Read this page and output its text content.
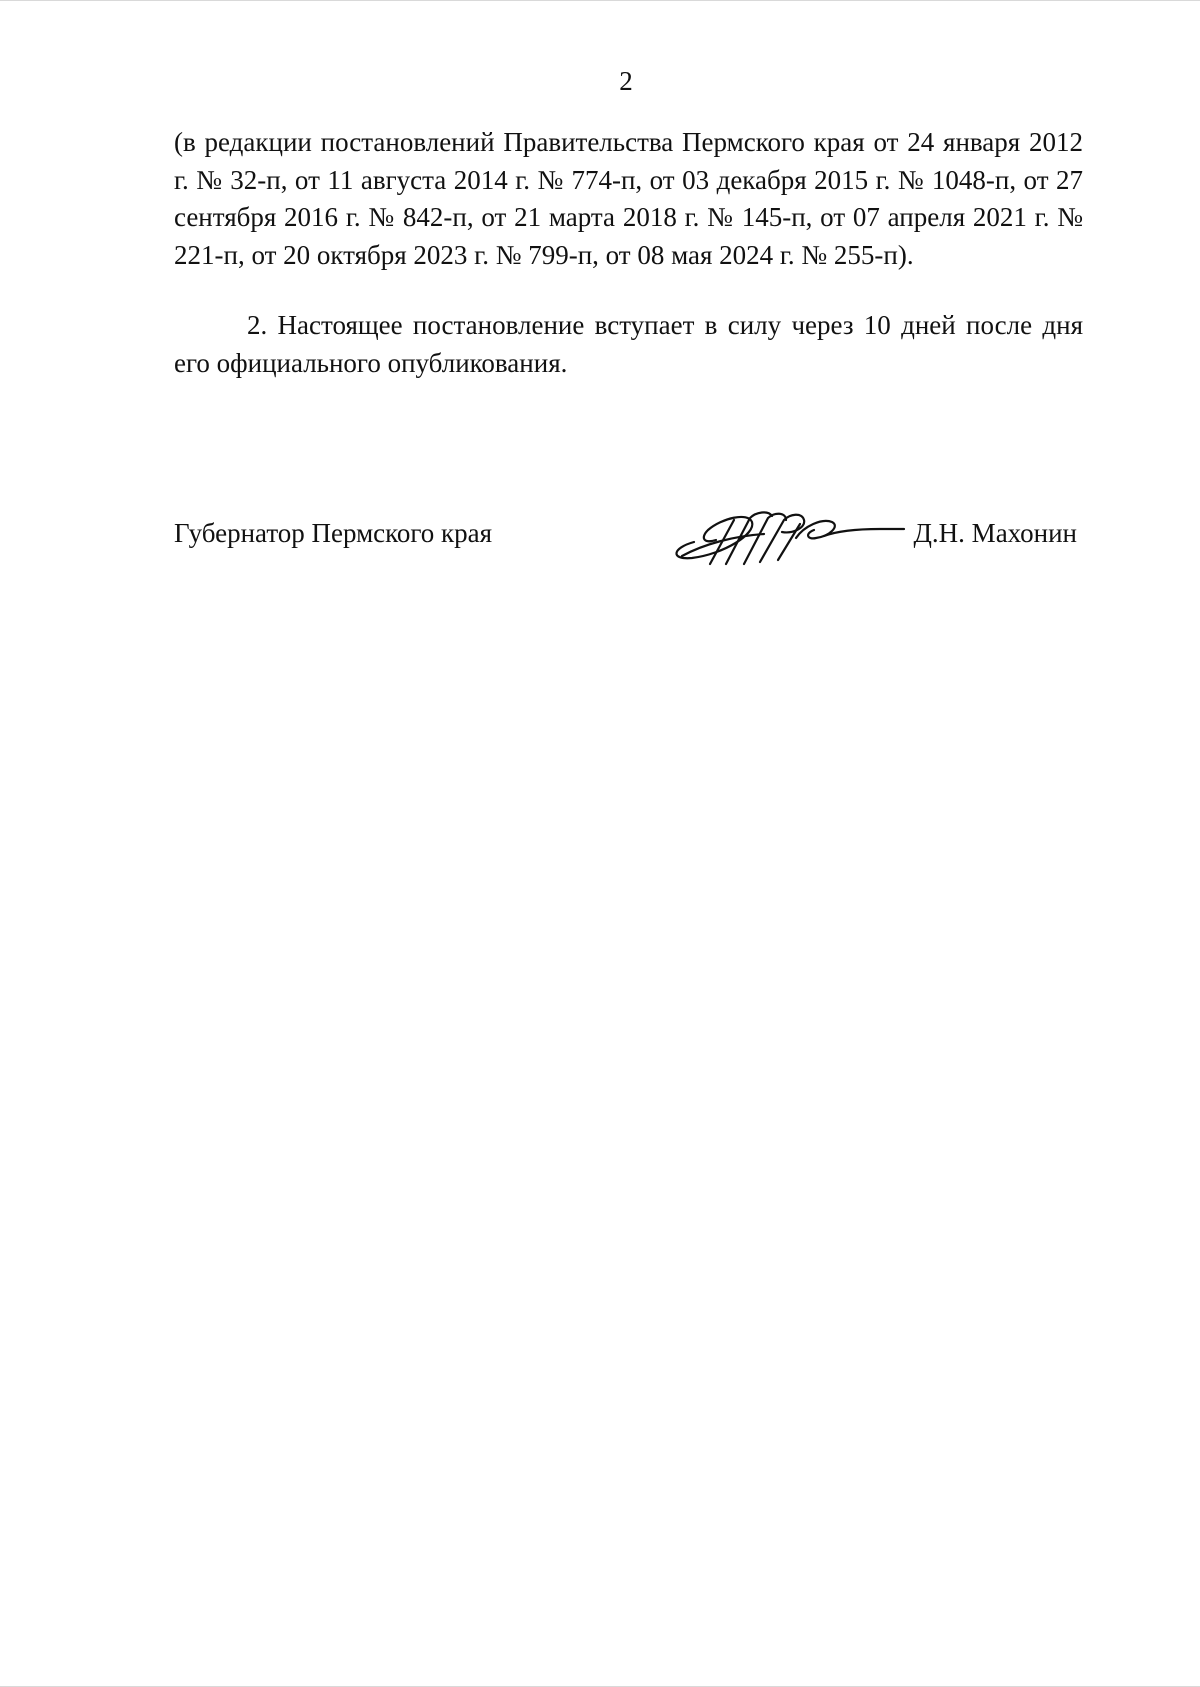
2
(в редакции постановлений Правительства Пермского края от 24 января 2012 г. № 32-п, от 11 августа 2014 г. № 774-п, от 03 декабря 2015 г. № 1048-п, от 27 сентября 2016 г. № 842-п, от 21 марта 2018 г. № 145-п, от 07 апреля 2021 г. № 221-п, от 20 октября 2023 г. № 799-п, от 08 мая 2024 г. № 255-п).
2. Настоящее постановление вступает в силу через 10 дней после дня его официального опубликования.
Губернатор Пермского края	Д.Н. Махонин
